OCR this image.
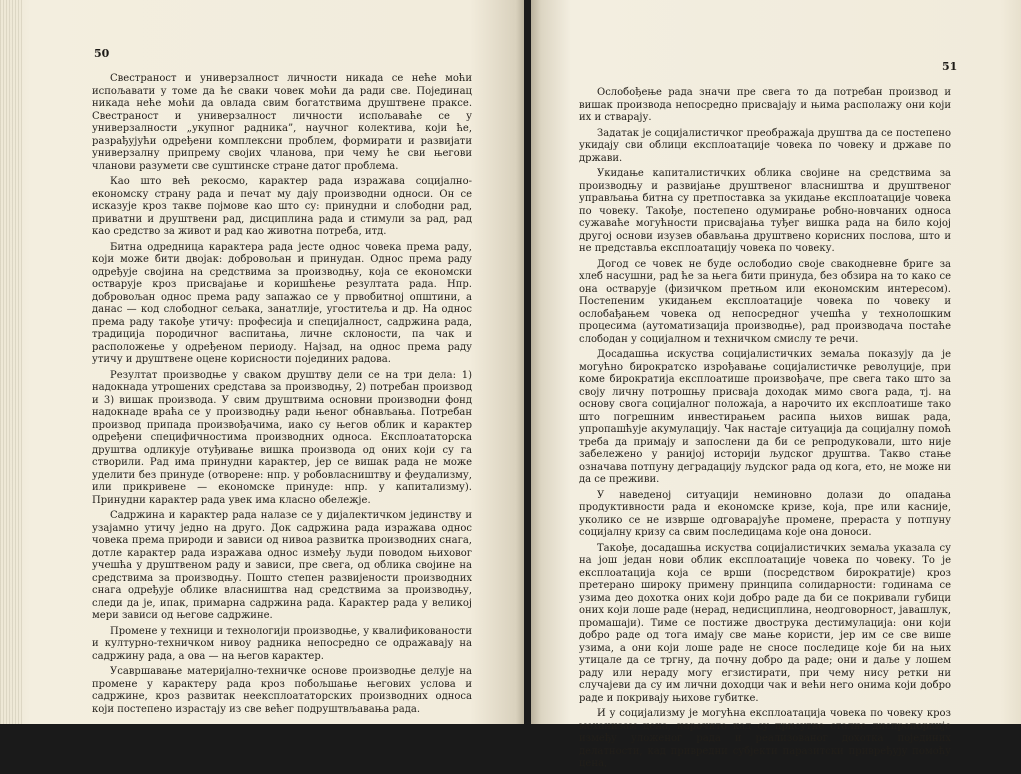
50

Свестраност и универзалност личности никада се неће моћи испољавати у томе да ће сваки човек моћи да ради све. Појединац никада неће моћи да овлада свим богатствима друштвене праксе. Свестраност и универзалност личности испољаваће се у универзалности „укупног радника”, научног колектива, који ће, разрађујући одређени комплексни проблем, формирати и развијати универзалну припрему својих чланова, при чему ће сви његови чланови разумети све суштинске стране датог проблема.

Као што већ рекосмо, карактер рада изражава социјално-економску страну рада и печат му дају производни односи. Он се исказује кроз такве појмове као што су: принудни и слободни рад, приватни и друштвени рад, дисциплина рада и стимули за рад, рад као средство за живот и рад као животна потреба, итд.

Битна одредница карактера рада јесте однос човека према раду, који може бити двојак: добровољан и принудан. Однос према раду одређује својина на средствима за производњу, која се економски остварује кроз присвајање и коришћење резултата рада. Нпр. добровољан однос према раду запажао се у првобитној општини, а данас — код слободног сељака, занатлије, угоститеља и др. На однос према раду такође утичу: професија и специјалност, садржина рада, традиција породичног васпитања, личне склоности, па чак и расположење у одређеном периоду. Најзад, на однос према раду утичу и друштвене оцене корисности појединих радова.

Резултат производње у сваком друштву дели се на три дела: 1) надокнада утрошених средстава за производњу, 2) потребан производ и 3) вишак производа. У свим друштвима основни производни фонд надокнаде враћа се у производњу ради њеног обнављања. Потребан производ припада произвођачима, иако су његов облик и карактер одређени специфичностима производних односа. Експлоататорска друштва одликује отуђивање вишка производа од оних који су га створили. Рад има принудни карактер, јер се вишак рада не може уделити без принуде (отворене: нпр. у робовласништву и феудализму, или прикривене — економске принуде: нпр. у капитализму). Принудни карактер рада увек има класно обележје.

Садржина и карактер рада налазе се у дијалектичком јединству и узајамно утичу једно на друго. Док садржина рада изражава однос човека према природи и зависи од нивоа развитка производних снага, дотле карактер рада изражава однос између људи поводом њиховог учешћа у друштвеном раду и зависи, пре свега, од облика својине на средствима за производњу. Пошто степен развијености производних снага одређује облике власништва над средствима за производњу, следи да је, ипак, примарна садржина рада. Карактер рада у великој мери зависи од његове садржине.

Промене у техници и технологији производње, у квалификованости и културно-техничком нивоу радника непосредно се одражавају на садржину рада, а ова — на његов карактер.

Усавршавање материјално-техничке основе производње делује на промене у карактеру рада кроз побољшање његових услова и садржине, кроз развитак неексплоататорских производних односа који постепено израстају из све већег подруштвљавања рада.

51

Ослобођење рада значи пре свега то да потребан производ и вишак производа непосредно присвајају и њима располажу они који их и стварају.

Задатак је социјалистичког преображаја друштва да се постепено укидају сви облици експлоатације човека по човеку и државе по држави.

Укидање капиталистичких облика својине на средствима за производњу и развијање друштвеног власништва и друштвеног управљања битна су претпоставка за укидање експлоатације човека по човеку. Такође, постепено одумирање робно-новчаних односа сужаваће могућности присвајања туђег вишка рада на било којој другој основи изузев обављања друштвено корисних послова, што и не представља експлоатацију човека по човеку.

Догод се човек не буде ослободио своје свакодневне бриге за хлеб насушни, рад ће за њега бити принуда, без обзира на то како се она остварује (физичком претњом или економским интересом). Постепеним укидањем експлоатације човека по човеку и ослобађањем човека од непосредног учешћа у технолошким процесима (аутоматизација производње), рад производача постаће слободан у социјалном и техничком смислу те речи.

Досадашња искуства социјалистичких земаља показују да је могућно бирократско изрођавање социјалистичке револуције, при коме бирократија експлоатише произвођаче, пре свега тако што за своју личну потрошњу присваја доходак мимо свога рада, тј. на основу свога социјалног положаја, а нарочито их експлоатише тако што погрешним инвестирањем расипа њихов вишак рада, упропашћује акумулацију. Чак настаје ситуација да социјалну помоћ треба да примају и запослени да би се репродуковали, што није забележено у ранијој историји људског друштва. Такво стање означава потпуну деградацију људског рада од кога, ето, не може ни да се преживи.

У наведеној ситуацији неминовно долази до опадања продуктивности рада и економске кризе, која, пре или касније, уколико се не изврше одговарајуће промене, прераста у потпуну социјалну кризу са свим последицама које она доноси.

Такође, досадашња искуства социјалистичких земаља указала су на још један нови облик експлоатације човека по човеку. То је експлоатација која се врши (посредством бирократије) кроз претерано широку примену принципа солидарности: годинама се узима део дохотка оних који добро раде да би се покривали губици оних који лоше раде (нерад, недисциплина, неодговорност, јавашлук, промашаји). Тиме се постиже двострука дестимулација: они који добро раде од тога имају све мање користи, јер им се све више узима, а они који лоше раде не сносе последице које би на њих утицале да се тргну, да почну добро да раде; они и даље у лошем раду или нераду могу егзистирати, при чему нису ретки ни случајеви да су им лични доходци чак и већи него онима који добро раде и покривају њихове губитке.

И у социјализму је могућна експлоатација човека по човеку кроз механизам цена, нарочито кад су присутне сталне диспропорције између уложеног рада и реализованог дохотка појединих делатности, кад привредни субјекти паразитски привређују помоћу цена,
